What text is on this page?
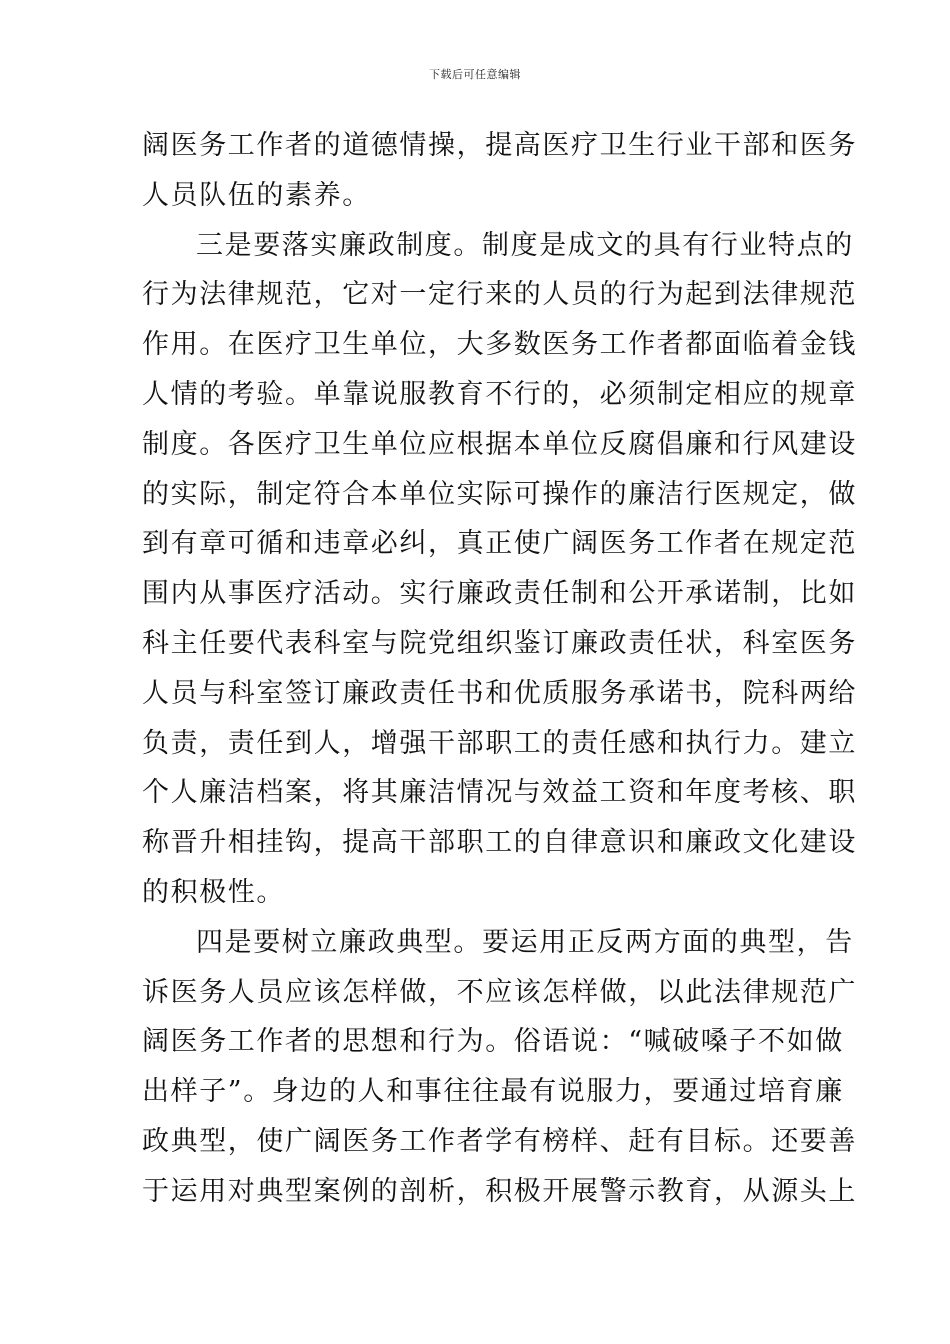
下载后可任意编辑
阔医务工作者的道德情操，提高医疗卫生行业干部和医务
人员队伍的素养。
三是要落实廉政制度。制度是成文的具有行业特点的
行为法律规范，它对一定行来的人员的行为起到法律规范
作用。在医疗卫生单位，大多数医务工作者都面临着金钱
人情的考验。单靠说服教育不行的，必须制定相应的规章
制度。各医疗卫生单位应根据本单位反腐倡廉和行风建设
的实际，制定符合本单位实际可操作的廉洁行医规定，做
到有章可循和违章必纠，真正使广阔医务工作者在规定范
围内从事医疗活动。实行廉政责任制和公开承诺制，比如
科主任要代表科室与院党组织鉴订廉政责任状，科室医务
人员与科室签订廉政责任书和优质服务承诺书，院科两给
负责，责任到人，增强干部职工的责任感和执行力。建立
个人廉洁档案，将其廉洁情况与效益工资和年度考核、职
称晋升相挂钩，提高干部职工的自律意识和廉政文化建设
的积极性。
四是要树立廉政典型。要运用正反两方面的典型，告
诉医务人员应该怎样做，不应该怎样做，以此法律规范广
阔医务工作者的思想和行为。俗语说：“喊破嗓子不如做
出样子”。身边的人和事往往最有说服力，要通过培育廉
政典型，使广阔医务工作者学有榜样、赶有目标。还要善
于运用对典型案例的剖析，积极开展警示教育，从源头上
